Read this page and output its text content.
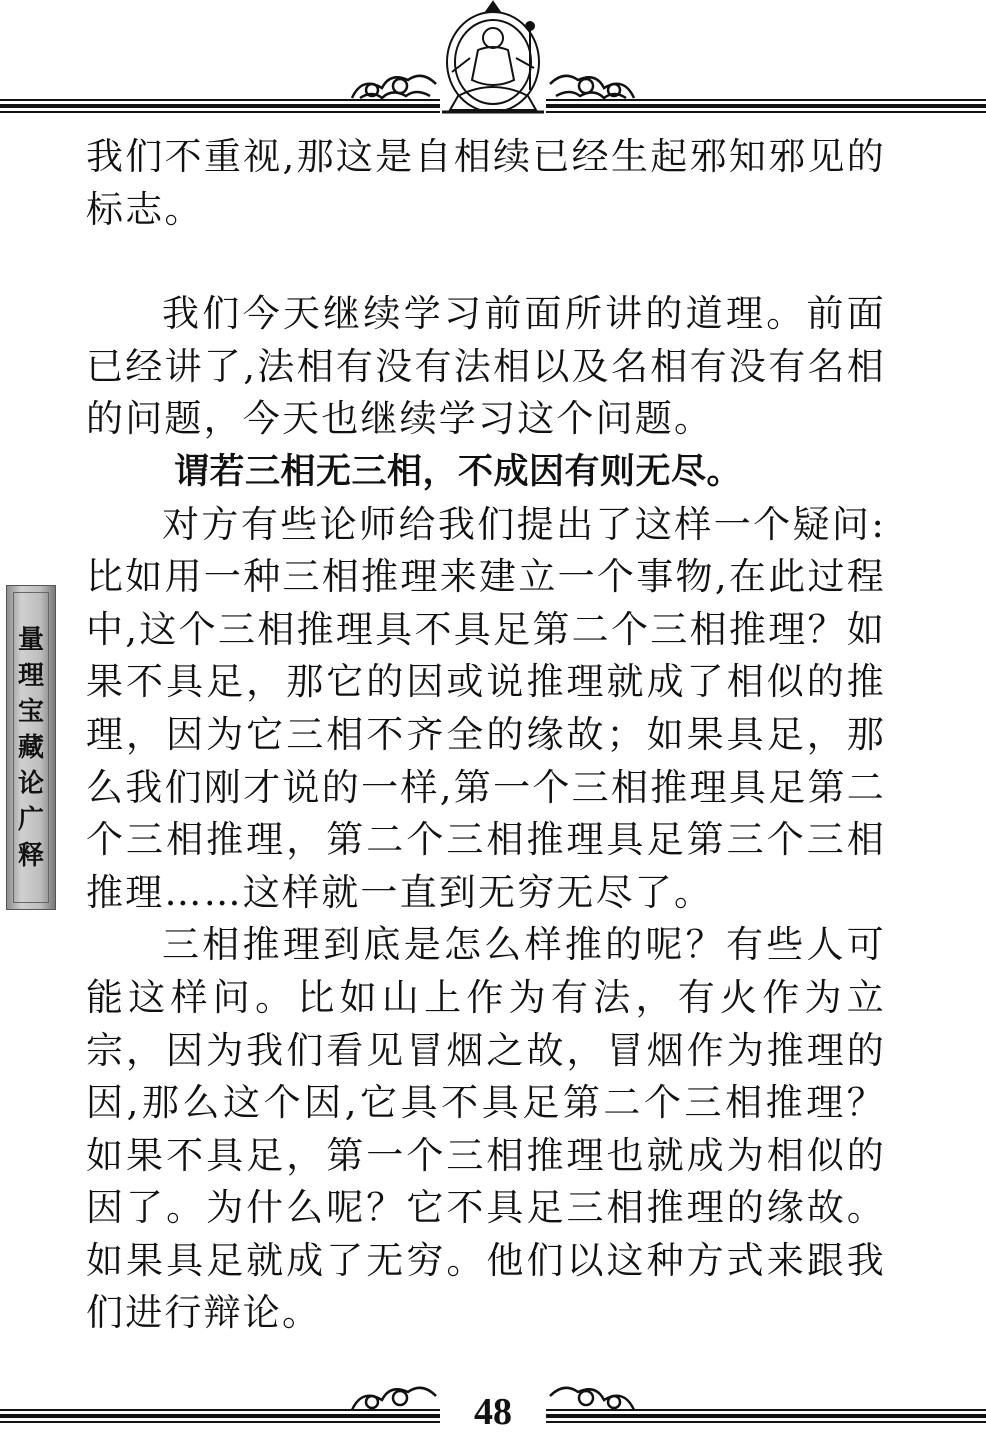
量
理
宝
藏
论
广
释

我们不重视,那这是自相续已经生起邪知邪见的标志。

我们今天继续学习前面所讲的道理。前面已经讲了,法相有没有法相以及名相有没有名相的问题，今天也继续学习这个问题。

谓若三相无三相，不成因有则无尽。

对方有些论师给我们提出了这样一个疑问:比如用一种三相推理来建立一个事物,在此过程中,这个三相推理具不具足第二个三相推理？如果不具足，那它的因或说推理就成了相似的推理，因为它三相不齐全的缘故；如果具足，那么我们刚才说的一样,第一个三相推理具足第二个三相推理，第二个三相推理具足第三个三相推理……这样就一直到无穷无尽了。

三相推理到底是怎么样推的呢？有些人可能这样问。比如山上作为有法，有火作为立宗，因为我们看见冒烟之故，冒烟作为推理的因,那么这个因,它具不具足第二个三相推理？如果不具足，第一个三相推理也就成为相似的因了。为什么呢？它不具足三相推理的缘故。如果具足就成了无穷。他们以这种方式来跟我们进行辩论。

48
